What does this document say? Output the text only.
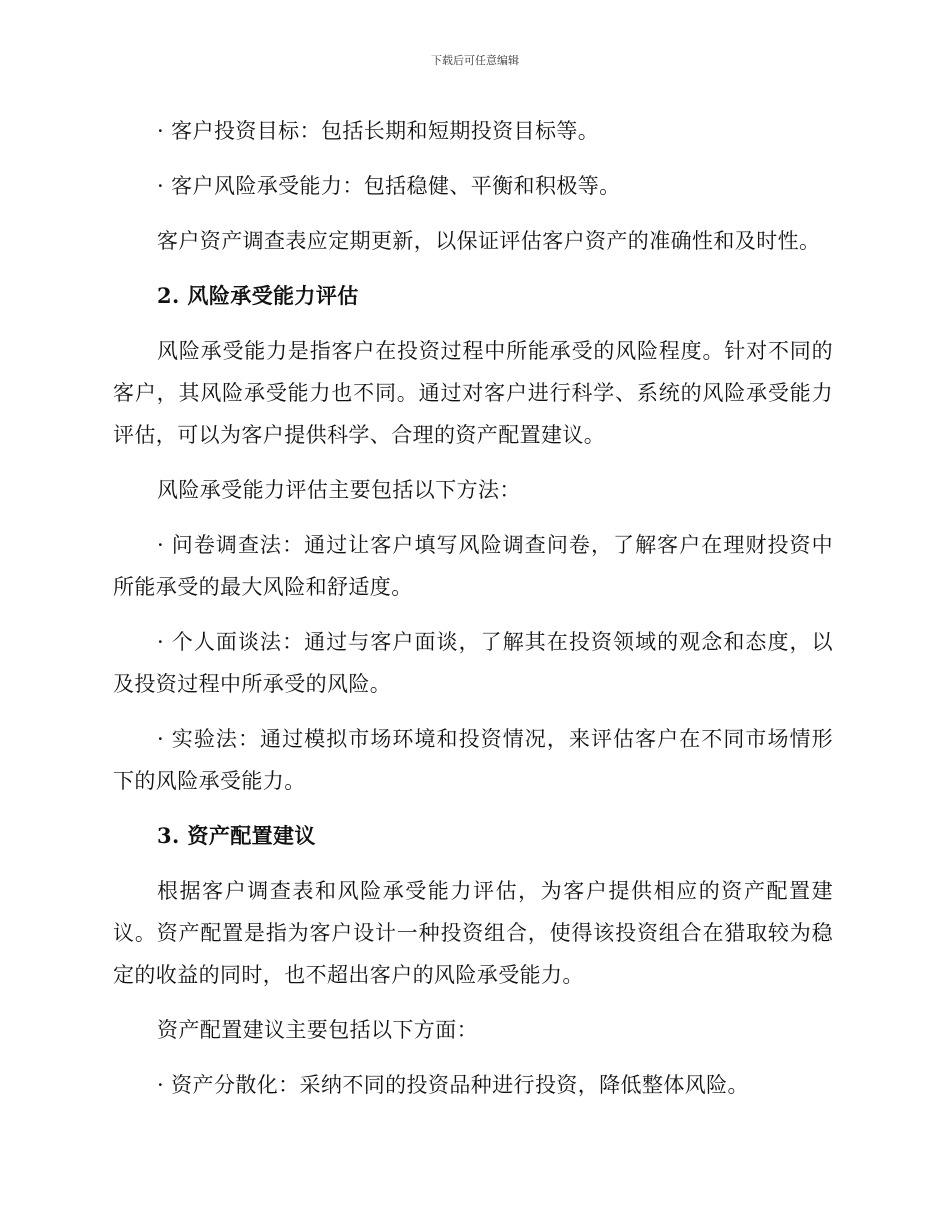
下载后可任意编辑
· 客户投资目标：包括长期和短期投资目标等。
· 客户风险承受能力：包括稳健、平衡和积极等。
客户资产调查表应定期更新，以保证评估客户资产的准确性和及时性。
2. 风险承受能力评估
风险承受能力是指客户在投资过程中所能承受的风险程度。针对不同的客户，其风险承受能力也不同。通过对客户进行科学、系统的风险承受能力评估，可以为客户提供科学、合理的资产配置建议。
风险承受能力评估主要包括以下方法：
· 问卷调查法：通过让客户填写风险调查问卷，了解客户在理财投资中所能承受的最大风险和舒适度。
· 个人面谈法：通过与客户面谈，了解其在投资领域的观念和态度，以及投资过程中所承受的风险。
· 实验法：通过模拟市场环境和投资情况，来评估客户在不同市场情形下的风险承受能力。
3. 资产配置建议
根据客户调查表和风险承受能力评估，为客户提供相应的资产配置建议。资产配置是指为客户设计一种投资组合，使得该投资组合在猎取较为稳定的收益的同时，也不超出客户的风险承受能力。
资产配置建议主要包括以下方面：
· 资产分散化：采纳不同的投资品种进行投资，降低整体风险。
